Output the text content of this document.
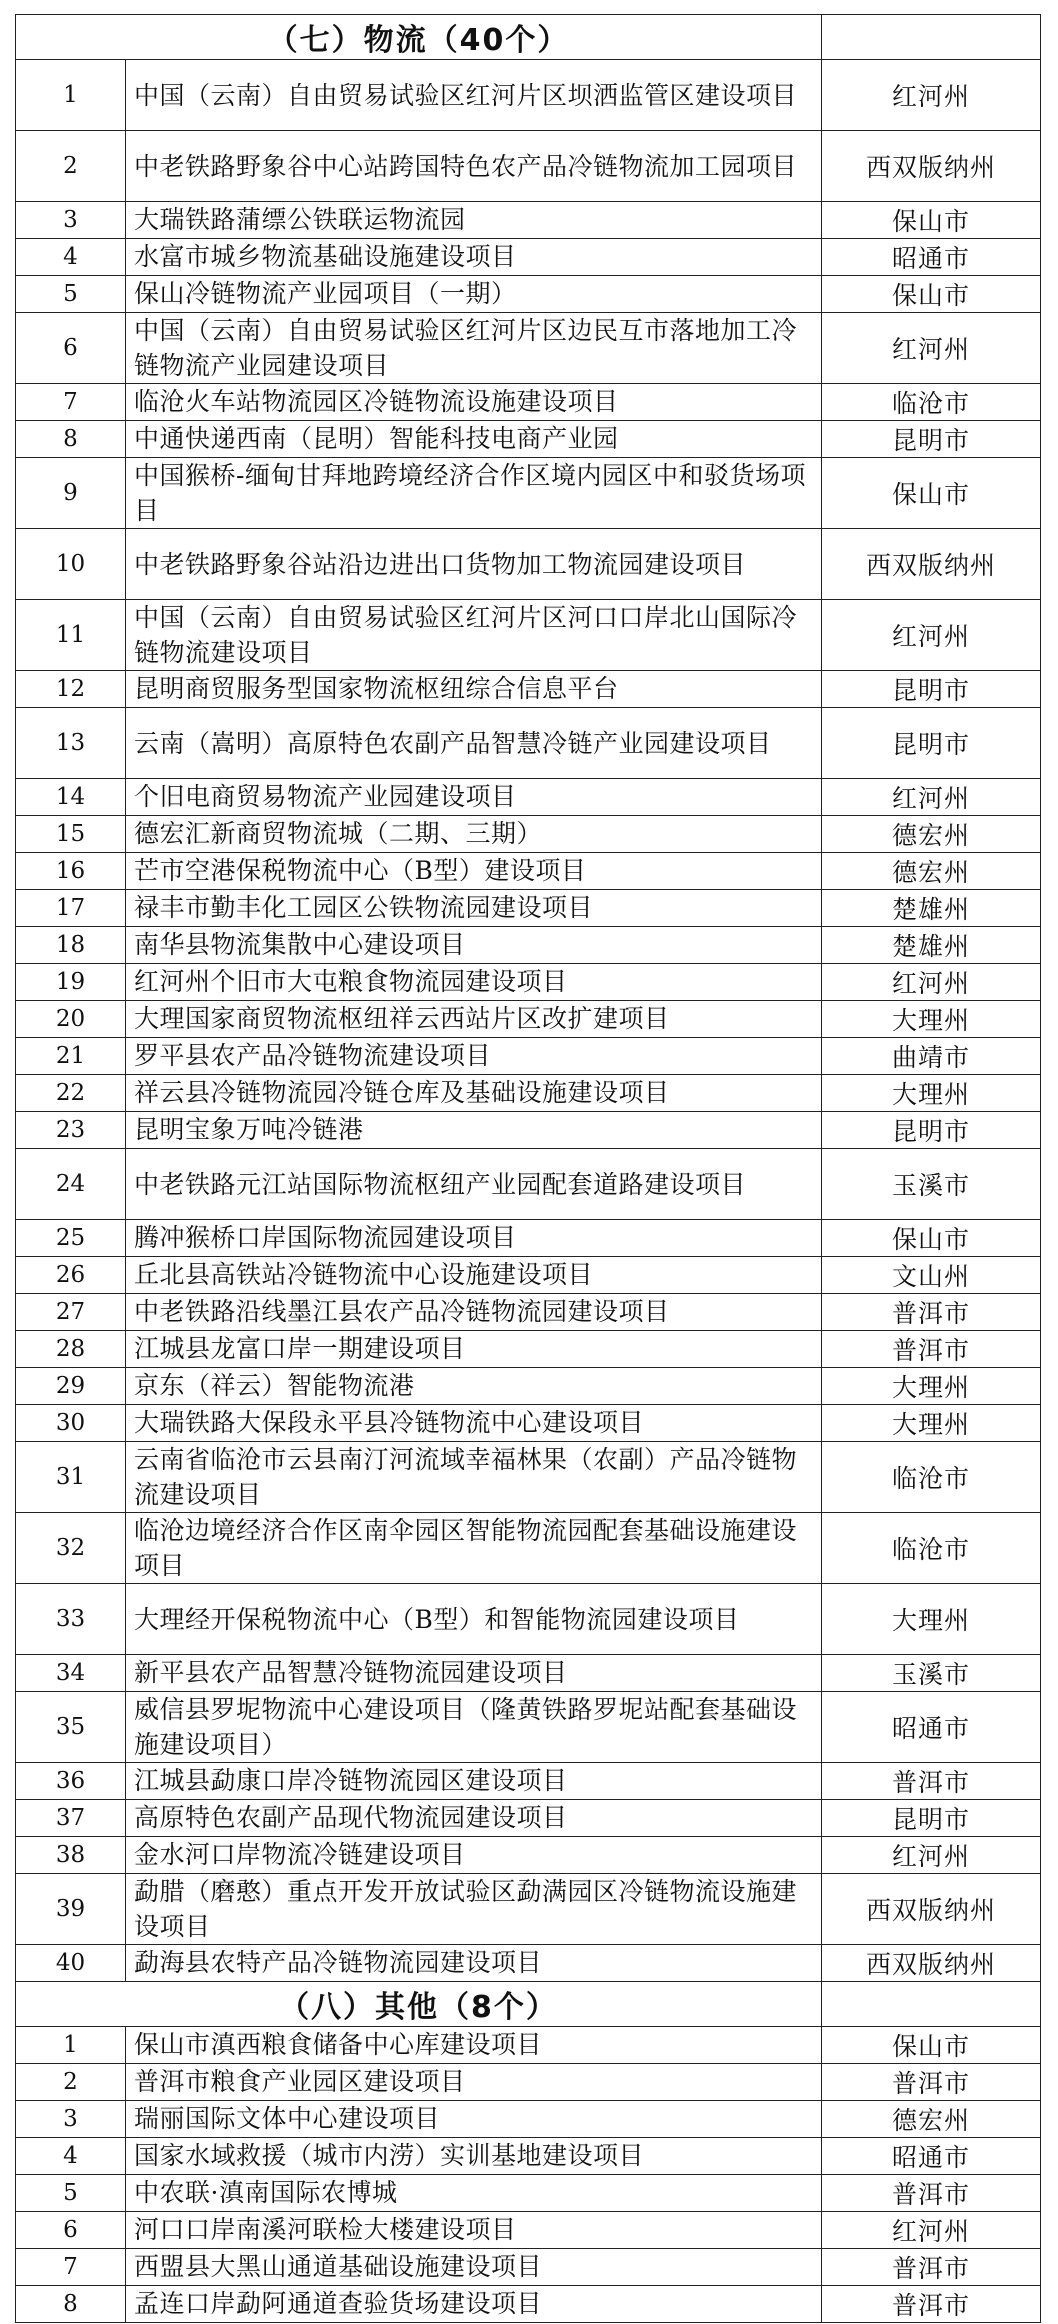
（七）物流（40个）		
1	中国（云南）自由贸易试验区红河片区坝洒监管区建设项目	红河州
2	中老铁路野象谷中心站跨国特色农产品冷链物流加工园项目	西双版纳州
3	大瑞铁路蒲缥公铁联运物流园	保山市
4	水富市城乡物流基础设施建设项目	昭通市
5	保山冷链物流产业园项目（一期）	保山市
6	中国（云南）自由贸易试验区红河片区边民互市落地加工冷链物流产业园建设项目	红河州
7	临沧火车站物流园区冷链物流设施建设项目	临沧市
8	中通快递西南（昆明）智能科技电商产业园	昆明市
9	中国猴桥-缅甸甘拜地跨境经济合作区境内园区中和驳货场项目	保山市
10	中老铁路野象谷站沿边进出口货物加工物流园建设项目	西双版纳州
11	中国（云南）自由贸易试验区红河片区河口口岸北山国际冷链物流建设项目	红河州
12	昆明商贸服务型国家物流枢纽综合信息平台	昆明市
13	云南（嵩明）高原特色农副产品智慧冷链产业园建设项目	昆明市
14	个旧电商贸易物流产业园建设项目	红河州
15	德宏汇新商贸物流城（二期、三期）	德宏州
16	芒市空港保税物流中心（B型）建设项目	德宏州
17	禄丰市勤丰化工园区公铁物流园建设项目	楚雄州
18	南华县物流集散中心建设项目	楚雄州
19	红河州个旧市大屯粮食物流园建设项目	红河州
20	大理国家商贸物流枢纽祥云西站片区改扩建项目	大理州
21	罗平县农产品冷链物流建设项目	曲靖市
22	祥云县冷链物流园冷链仓库及基础设施建设项目	大理州
23	昆明宝象万吨冷链港	昆明市
24	中老铁路元江站国际物流枢纽产业园配套道路建设项目	玉溪市
25	腾冲猴桥口岸国际物流园建设项目	保山市
26	丘北县高铁站冷链物流中心设施建设项目	文山州
27	中老铁路沿线墨江县农产品冷链物流园建设项目	普洱市
28	江城县龙富口岸一期建设项目	普洱市
29	京东（祥云）智能物流港	大理州
30	大瑞铁路大保段永平县冷链物流中心建设项目	大理州
31	云南省临沧市云县南汀河流域幸福林果（农副）产品冷链物流建设项目	临沧市
32	临沧边境经济合作区南伞园区智能物流园配套基础设施建设项目	临沧市
33	大理经开保税物流中心（B型）和智能物流园建设项目	大理州
34	新平县农产品智慧冷链物流园建设项目	玉溪市
35	威信县罗坭物流中心建设项目（隆黄铁路罗坭站配套基础设施建设项目）	昭通市
36	江城县勐康口岸冷链物流园区建设项目	普洱市
37	高原特色农副产品现代物流园建设项目	昆明市
38	金水河口岸物流冷链建设项目	红河州
39	勐腊（磨憨）重点开发开放试验区勐满园区冷链物流设施建设项目	西双版纳州
40	勐海县农特产品冷链物流园建设项目	西双版纳州
（八）其他（8个）		
1	保山市滇西粮食储备中心库建设项目	保山市
2	普洱市粮食产业园区建设项目	普洱市
3	瑞丽国际文体中心建设项目	德宏州
4	国家水域救援（城市内涝）实训基地建设项目	昭通市
5	中农联·滇南国际农博城	普洱市
6	河口口岸南溪河联检大楼建设项目	红河州
7	西盟县大黑山通道基础设施建设项目	普洱市
8	孟连口岸勐阿通道查验货场建设项目	普洱市
